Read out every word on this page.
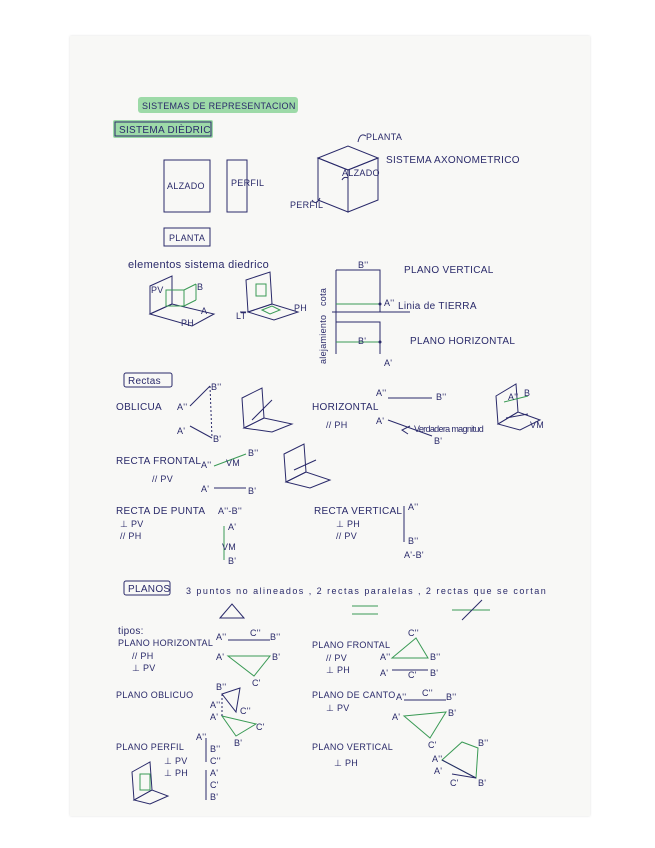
SISTEMAS DE REPRESENTACION
SISTEMA DIÈDRIC
ALZADO	PERFIL
PLANTA
PLANTA
ALZADO
PERFIL
SISTEMA AXONOMETRICO
elementos sistema diedrico
PV	B
A
PH
LT
PH
B''
A''
B'
A'
cota
alejamiento
PLANO VERTICAL
Linia de TIERRA
PLANO HORIZONTAL
Rectas
OBLICUA
B''
A''
A'
B'
HORIZONTAL
// PH
A''	B''
A'
B'
Verdadera magnitud
A'' B
VM
RECTA FRONTAL
// PV
A''
B''
VM
A'	B'
RECTA DE PUNTA
⊥ PV
// PH
A''-B''
A'
VM
B'
RECTA VERTICAL
⊥ PH
// PV
A''
B''
A'-B'
PLANOS 3 puntos no alineados , 2 rectas paralelas , 2 rectas que se cortan
tipos:
PLANO HORIZONTAL
// PH
⊥ PV
A''	C'' B''
A'	B'
C'
PLANO FRONTAL
// PV
⊥ PH
C''
A''	B''
A' C' B'
PLANO OBLICUO
B''
A''
C''
A'
C'
B'
PLANO DE CANTO
⊥ PV
A'' C'' B''
A'	B'
C'
PLANO PERFIL
⊥ PV
⊥ PH
A''
B''
C''
A'
C'
B'
PLANO VERTICAL
⊥ PH
B''
A''
A'
C' B'
